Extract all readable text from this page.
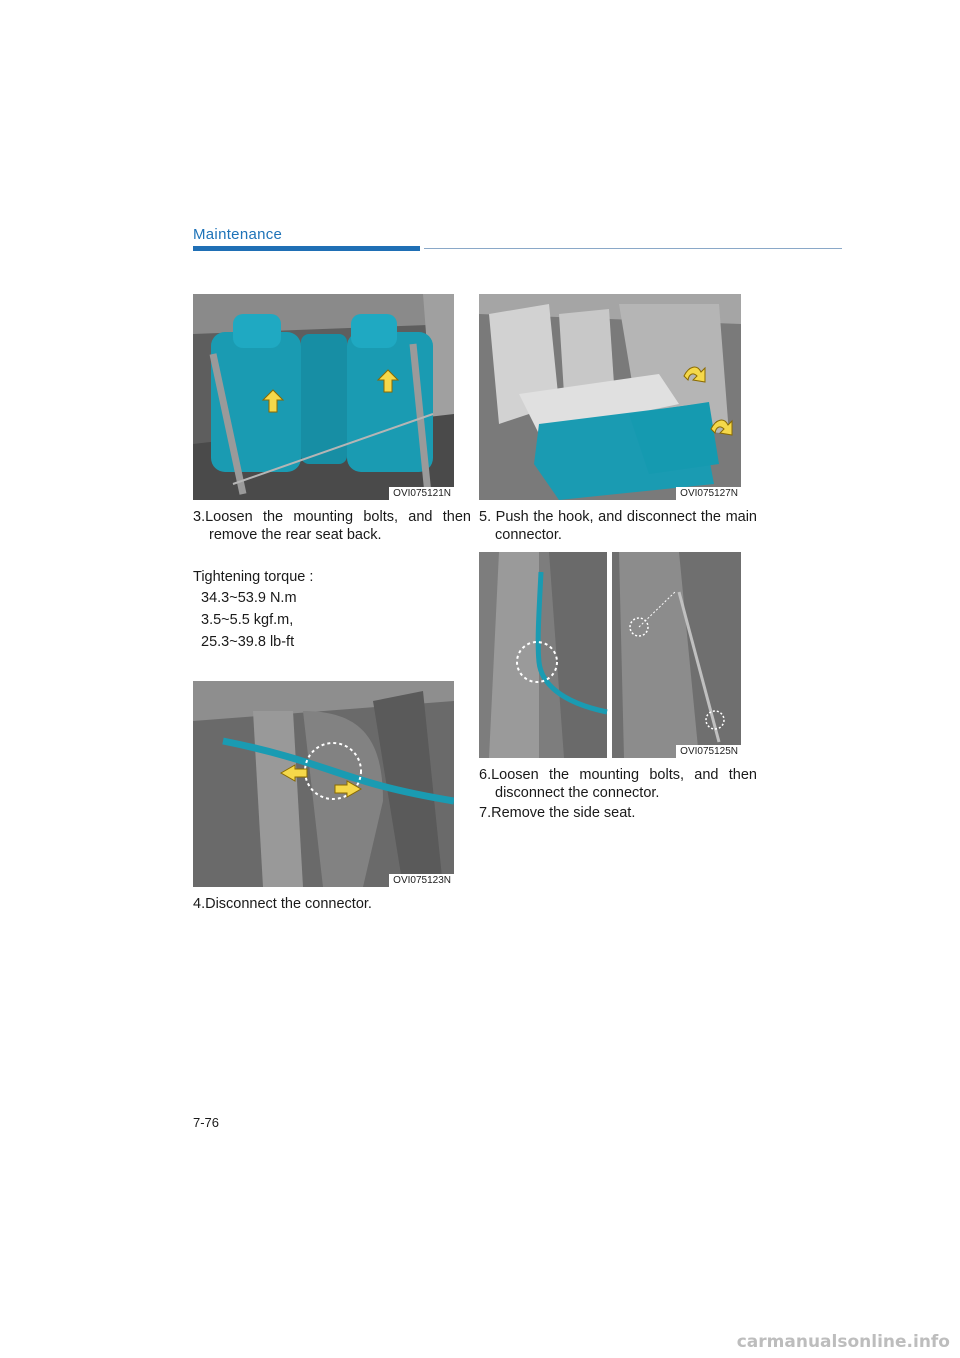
Maintenance
OVI075121N	OVI075127N
3.Loosen the mounting bolts, and then remove the rear seat back.
Tightening torque :
34.3~53.9 N.m
3.5~5.5 kgf.m,
25.3~39.8 lb-ft
5. Push the hook, and disconnect the main connector.
OVI075125N
OVI075123N
6.Loosen the mounting bolts, and then disconnect the connector.
7.Remove the side seat.
4.Disconnect the connector.
7-76
carmanualsonline.info
